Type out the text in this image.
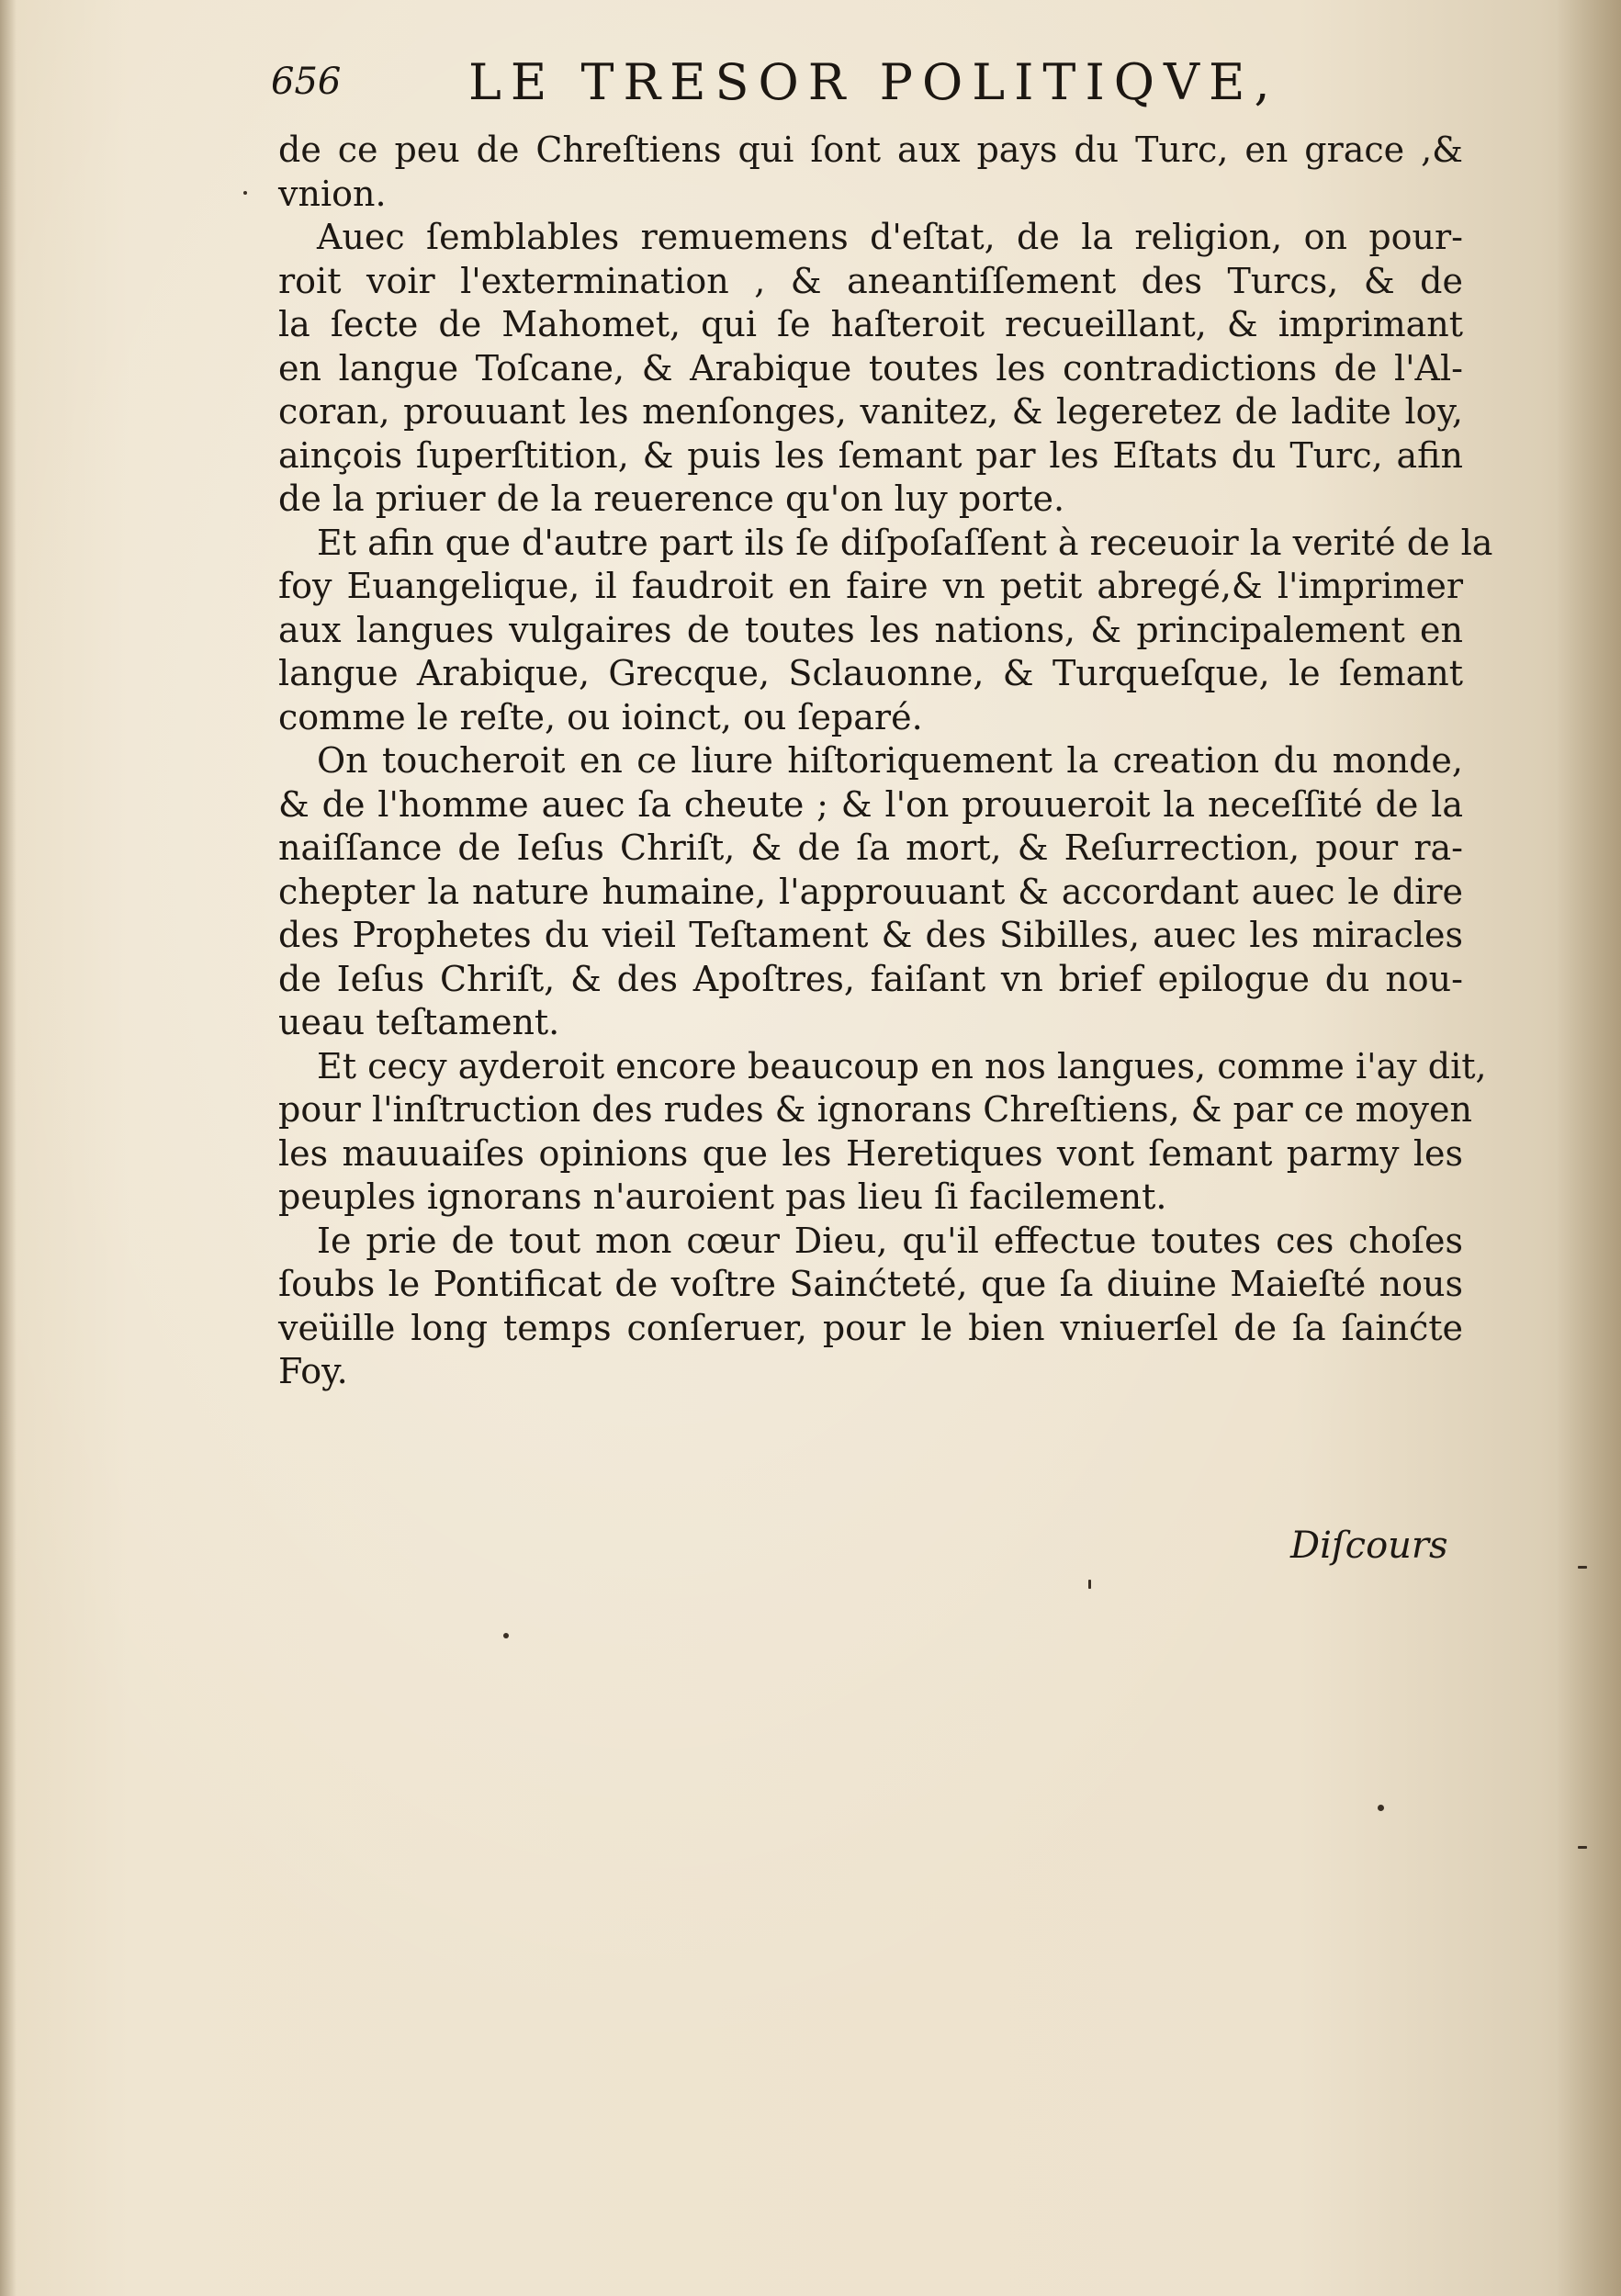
656	LE TRESOR POLITIQVE,

de ce peu de Chreſtiens qui ſont aux pays du Turc, en grace ,&
vnion.

Auec ſemblables remuemens d'eſtat, de la religion, on pour-
roit voir l'extermination , & aneantiſſement des Turcs, & de
la ſecte de Mahomet, qui ſe haſteroit recueillant, & imprimant
en langue Toſcane, & Arabique toutes les contradictions de l'Al-
coran, prouuant les menſonges, vanitez, & legeretez de ladite loy,
ainçois ſuperſtition, & puis les ſemant par les Eſtats du Turc, afin
de la priuer de la reuerence qu'on luy porte.

Et afin que d'autre part ils ſe diſpoſaſſent à receuoir la verité de la
foy Euangelique, il faudroit en faire vn petit abregé,& l'imprimer
aux langues vulgaires de toutes les nations, & principalement en
langue Arabique, Grecque, Sclauonne, & Turqueſque, le ſemant
comme le reſte, ou ioinct, ou ſeparé.

On toucheroit en ce liure hiſtoriquement la creation du monde,
& de l'homme auec ſa cheute ; & l'on prouueroit la neceſſité de la
naiſſance de Ieſus Chriſt, & de ſa mort, & Reſurrection, pour ra-
chepter la nature humaine, l'approuuant & accordant auec le dire
des Prophetes du vieil Teſtament & des Sibilles, auec les miracles
de Ieſus Chriſt, & des Apoſtres, faiſant vn brief epilogue du nou-
ueau teſtament.

Et cecy ayderoit encore beaucoup en nos langues, comme i'ay dit,
pour l'inſtruction des rudes & ignorans Chreſtiens, & par ce moyen
les mauuaiſes opinions que les Heretiques vont ſemant parmy les
peuples ignorans n'auroient pas lieu ſi facilement.

Ie prie de tout mon cœur Dieu, qu'il effectue toutes ces choſes
ſoubs le Pontificat de voſtre Sainćteté, que ſa diuine Maieſté nous
veüille long temps conſeruer, pour le bien vniuerſel de ſa ſainćte
Foy.

Diſcours
